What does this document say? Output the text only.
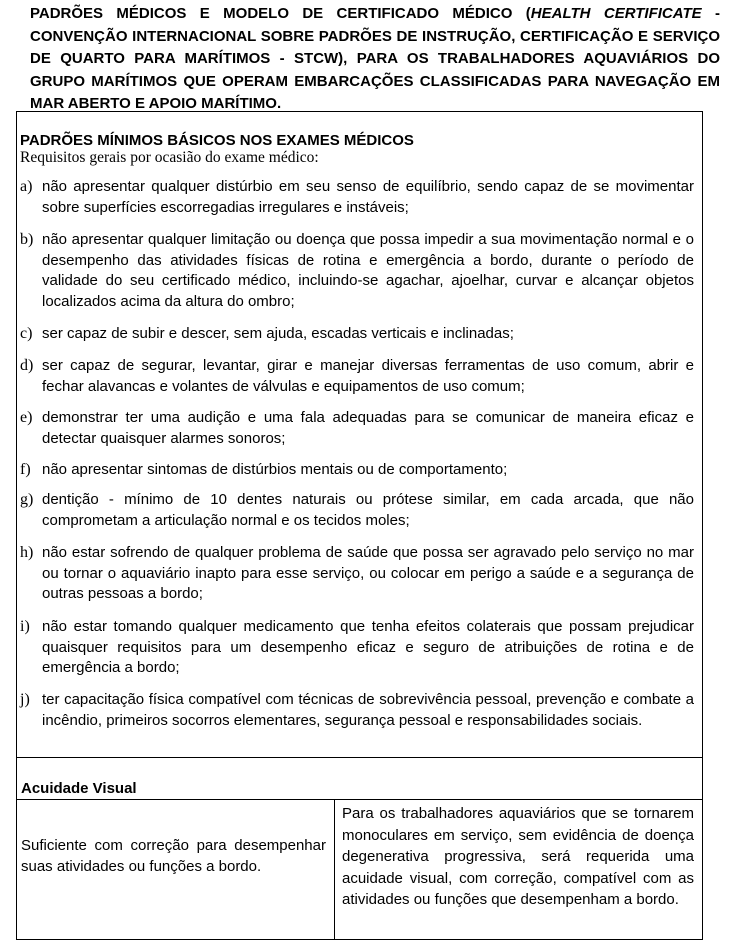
PADRÕES MÉDICOS E MODELO DE CERTIFICADO MÉDICO (HEALTH CERTIFICATE - CONVENÇÃO INTERNACIONAL SOBRE PADRÕES DE INSTRUÇÃO, CERTIFICAÇÃO E SERVIÇO DE QUARTO PARA MARÍTIMOS - STCW), PARA OS TRABALHADORES AQUAVIÁRIOS DO GRUPO MARÍTIMOS QUE OPERAM EMBARCAÇÕES CLASSIFICADAS PARA NAVEGAÇÃO EM MAR ABERTO E APOIO MARÍTIMO.
PADRÕES MÍNIMOS BÁSICOS NOS EXAMES MÉDICOS
Requisitos gerais por ocasião do exame médico:
a) não apresentar qualquer distúrbio em seu senso de equilíbrio, sendo capaz de se movimentar sobre superfícies escorregadias irregulares e instáveis;
b) não apresentar qualquer limitação ou doença que possa impedir a sua movimentação normal e o desempenho das atividades físicas de rotina e emergência a bordo, durante o período de validade do seu certificado médico, incluindo-se agachar, ajoelhar, curvar e alcançar objetos localizados acima da altura do ombro;
c) ser capaz de subir e descer, sem ajuda, escadas verticais e inclinadas;
d) ser capaz de segurar, levantar, girar e manejar diversas ferramentas de uso comum, abrir e fechar alavancas e volantes de válvulas e equipamentos de uso comum;
e) demonstrar ter uma audição e uma fala adequadas para se comunicar de maneira eficaz e detectar quaisquer alarmes sonoros;
f) não apresentar sintomas de distúrbios mentais ou de comportamento;
g) dentição - mínimo de 10 dentes naturais ou prótese similar, em cada arcada, que não comprometam a articulação normal e os tecidos moles;
h) não estar sofrendo de qualquer problema de saúde que possa ser agravado pelo serviço no mar ou tornar o aquaviário inapto para esse serviço, ou colocar em perigo a saúde e a segurança de outras pessoas a bordo;
i) não estar tomando qualquer medicamento que tenha efeitos colaterais que possam prejudicar quaisquer requisitos para um desempenho eficaz e seguro de atribuições de rotina e de emergência a bordo;
j) ter capacitação física compatível com técnicas de sobrevivência pessoal, prevenção e combate a incêndio, primeiros socorros elementares, segurança pessoal e responsabilidades sociais.
Acuidade Visual
Suficiente com correção para desempenhar suas atividades ou funções a bordo.
Para os trabalhadores aquaviários que se tornarem monoculares em serviço, sem evidência de doença degenerativa progressiva, será requerida uma acuidade visual, com correção, compatível com as atividades ou funções que desempenham a bordo.
